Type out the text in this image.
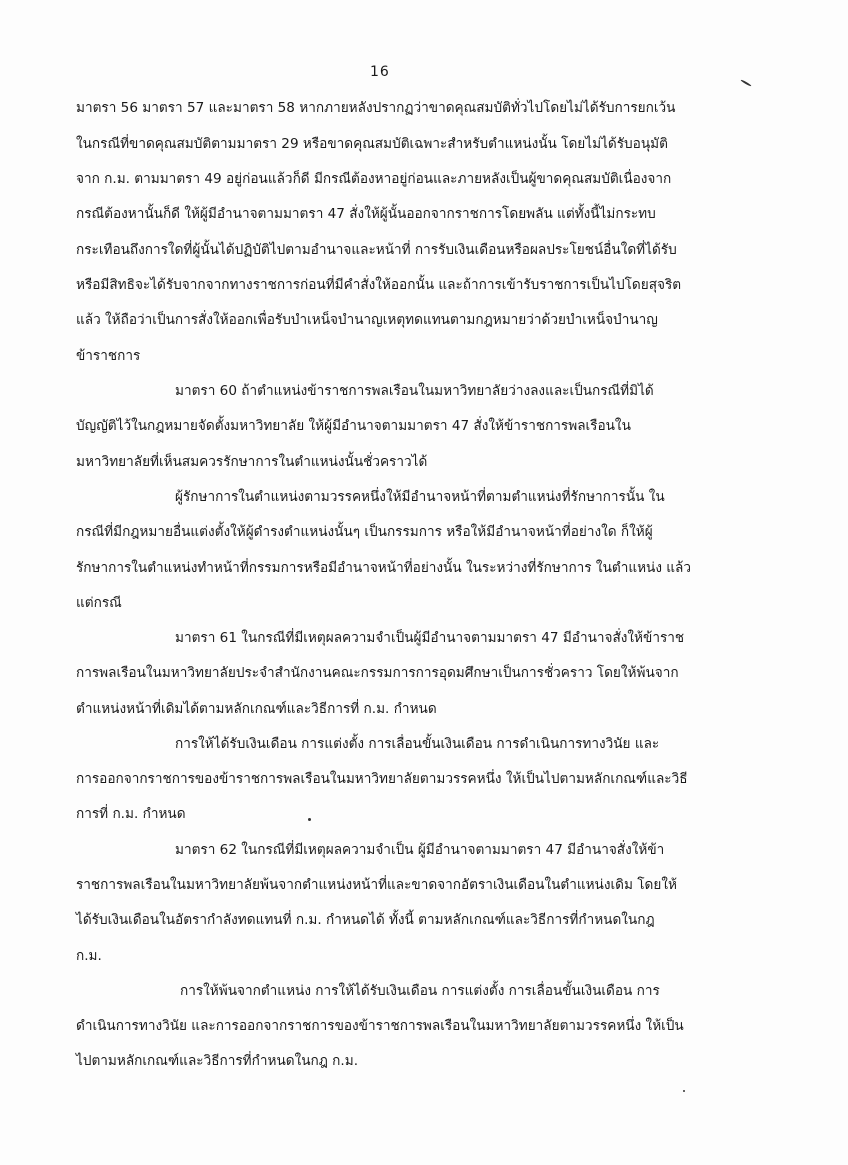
16
มาตรา 56 มาตรา 57 และมาตรา 58 หากภายหลังปรากฏว่าขาดคุณสมบัติทั่วไปโดยไม่ได้รับการยกเว้น
ในกรณีที่ขาดคุณสมบัติตามมาตรา 29 หรือขาดคุณสมบัติเฉพาะสำหรับตำแหน่งนั้น โดยไม่ได้รับอนุมัติ
จาก ก.ม. ตามมาตรา 49 อยู่ก่อนแล้วก็ดี มีกรณีต้องหาอยู่ก่อนและภายหลังเป็นผู้ขาดคุณสมบัติเนื่องจาก
กรณีต้องหานั้นก็ดี ให้ผู้มีอำนาจตามมาตรา 47 สั่งให้ผู้นั้นออกจากราชการโดยพลัน แต่ทั้งนี้ไม่กระทบ
กระเทือนถึงการใดที่ผู้นั้นได้ปฏิบัติไปตามอำนาจและหน้าที่ การรับเงินเดือนหรือผลประโยชน์อื่นใดที่ได้รับ
หรือมีสิทธิจะได้รับจากจากทางราชการก่อนที่มีคำสั่งให้ออกนั้น และถ้าการเข้ารับราชการเป็นไปโดยสุจริต
แล้ว ให้ถือว่าเป็นการสั่งให้ออกเพื่อรับบำเหน็จบำนาญเหตุทดแทนตามกฎหมายว่าด้วยบำเหน็จบำนาญ
ข้าราชการ
มาตรา 60 ถ้าตำแหน่งข้าราชการพลเรือนในมหาวิทยาลัยว่างลงและเป็นกรณีที่มิได้
บัญญัติไว้ในกฎหมายจัดตั้งมหาวิทยาลัย ให้ผู้มีอำนาจตามมาตรา 47 สั่งให้ข้าราชการพลเรือนใน
มหาวิทยาลัยที่เห็นสมควรรักษาการในตำแหน่งนั้นชั่วคราวได้
ผู้รักษาการในตำแหน่งตามวรรคหนึ่งให้มีอำนาจหน้าที่ตามตำแหน่งที่รักษาการนั้น ใน
กรณีที่มีกฎหมายอื่นแต่งตั้งให้ผู้ดำรงตำแหน่งนั้นๆ เป็นกรรมการ หรือให้มีอำนาจหน้าที่อย่างใด ก็ให้ผู้
รักษาการในตำแหน่งทำหน้าที่กรรมการหรือมีอำนาจหน้าที่อย่างนั้น ในระหว่างที่รักษาการ ในตำแหน่ง แล้ว
แต่กรณี
มาตรา 61 ในกรณีที่มีเหตุผลความจำเป็นผู้มีอำนาจตามมาตรา 47 มีอำนาจสั่งให้ข้าราช
การพลเรือนในมหาวิทยาลัยประจำสำนักงานคณะกรรมการการอุดมศึกษาเป็นการชั่วคราว โดยให้พ้นจาก
ตำแหน่งหน้าที่เดิมได้ตามหลักเกณฑ์และวิธีการที่ ก.ม. กำหนด
การให้ได้รับเงินเดือน การแต่งตั้ง การเลื่อนขั้นเงินเดือน การดำเนินการทางวินัย และ
การออกจากราชการของข้าราชการพลเรือนในมหาวิทยาลัยตามวรรคหนึ่ง ให้เป็นไปตามหลักเกณฑ์และวิธี
การที่ ก.ม. กำหนด
มาตรา 62 ในกรณีที่มีเหตุผลความจำเป็น ผู้มีอำนาจตามมาตรา 47 มีอำนาจสั่งให้ข้า
ราชการพลเรือนในมหาวิทยาลัยพ้นจากตำแหน่งหน้าที่และขาดจากอัตราเงินเดือนในตำแหน่งเดิม โดยให้
ได้รับเงินเดือนในอัตรากำลังทดแทนที่ ก.ม. กำหนดได้ ทั้งนี้ ตามหลักเกณฑ์และวิธีการที่กำหนดในกฎ
ก.ม.
การให้พ้นจากตำแหน่ง การให้ได้รับเงินเดือน การแต่งตั้ง การเลื่อนขั้นเงินเดือน การ
ดำเนินการทางวินัย และการออกจากราชการของข้าราชการพลเรือนในมหาวิทยาลัยตามวรรคหนึ่ง ให้เป็น
ไปตามหลักเกณฑ์และวิธีการที่กำหนดในกฎ ก.ม.
